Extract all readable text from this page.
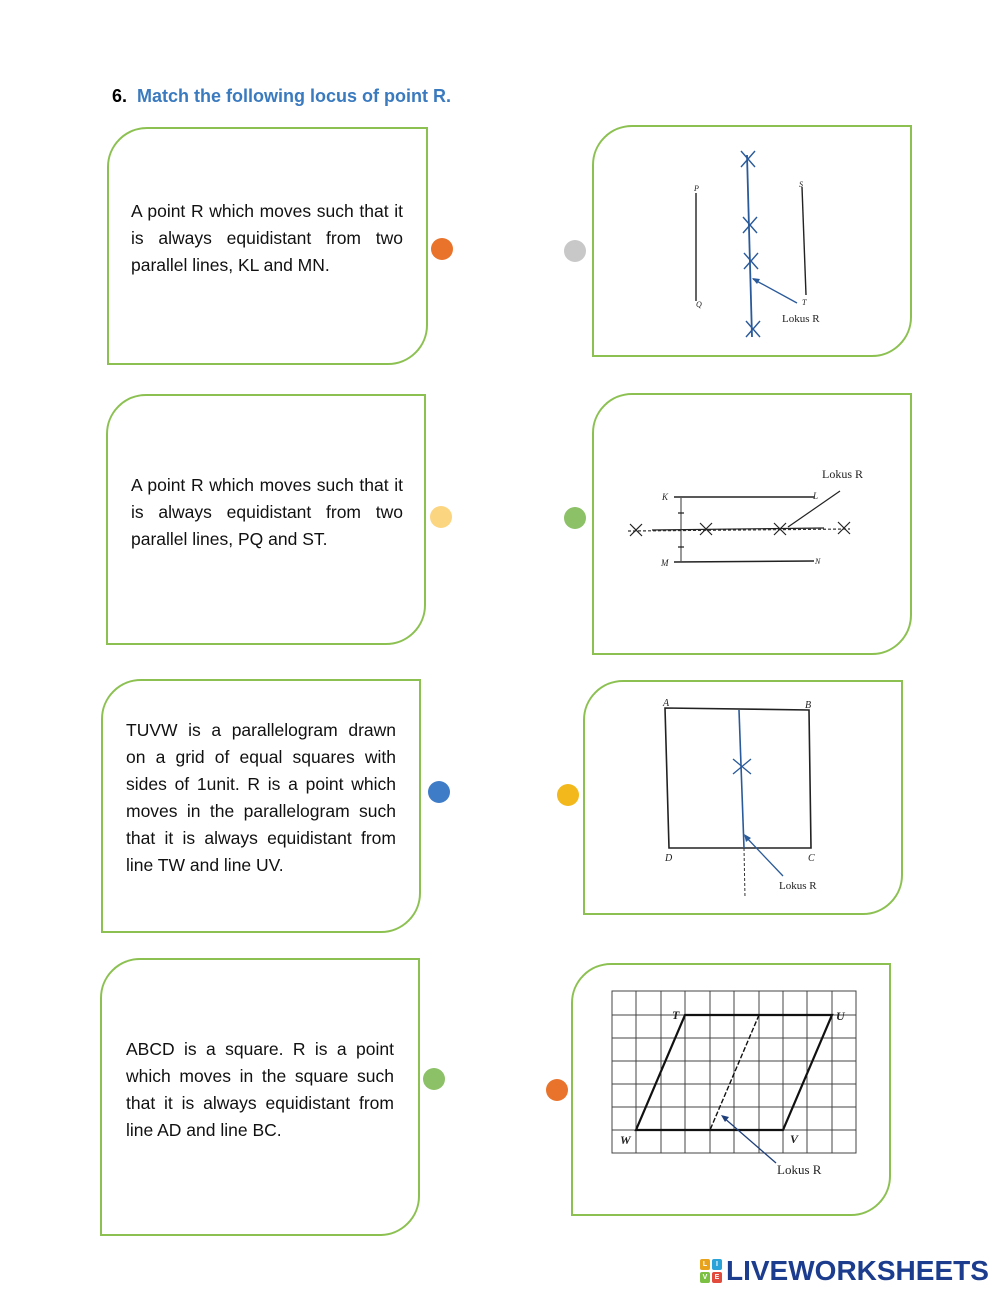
6. Match the following locus of point R.
A point R which moves such that it is always equidistant from two parallel lines, KL and MN.
A point R which moves such that it is always equidistant from two parallel lines, PQ and ST.
TUVW is a parallelogram drawn on a grid of equal squares with sides of 1unit. R is a point which moves in the parallelogram such that it is always equidistant from line TW and line UV.
ABCD is a square. R is a point which moves in the square such that it is always equidistant from line AD and line BC.
P
Q
S
T
Lokus R
K	L
M	N
Lokus R
A	B
C
D
Lokus R
T	U
V
W
Lokus R
L	I
V	E LIVEWORKSHEETS
